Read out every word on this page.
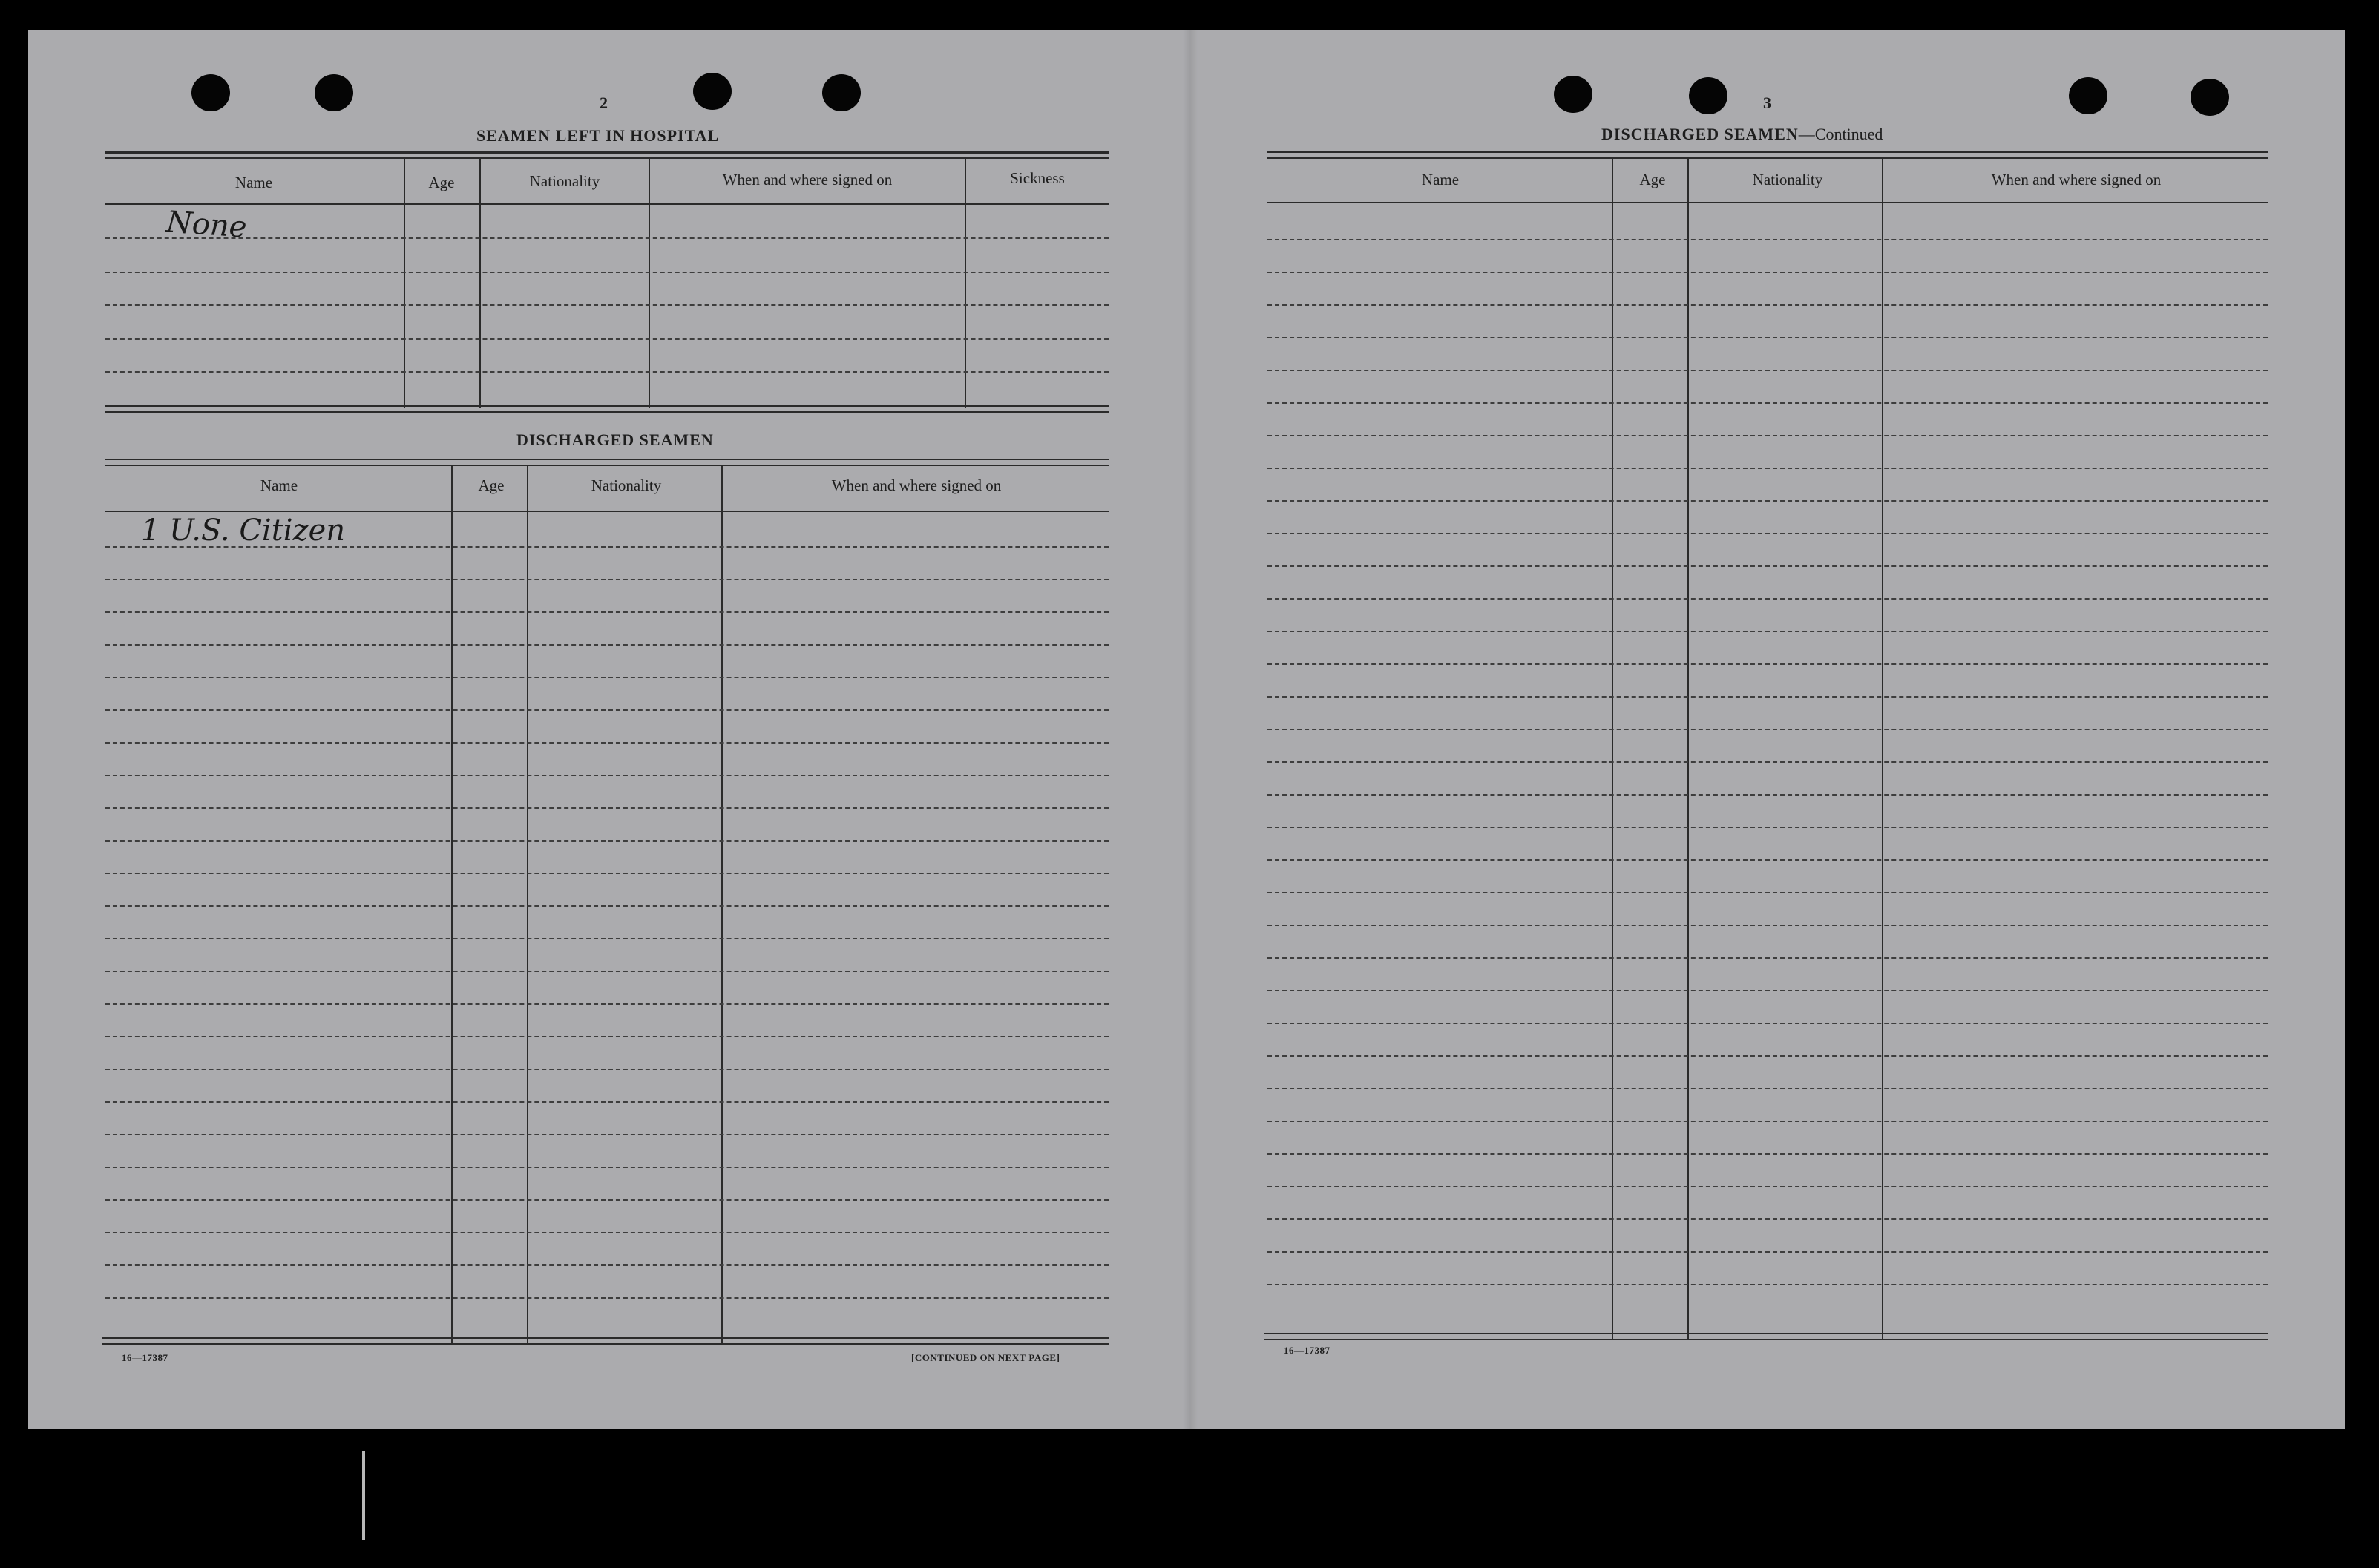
2
SEAMEN LEFT IN HOSPITAL
Name	Age	Nationality	When and where signed on	Sickness
None
DISCHARGED SEAMEN
Name	Age	Nationality	When and where signed on
1 U.S. Citizen
16—17387	[CONTINUED ON NEXT PAGE]
3
DISCHARGED SEAMEN—Continued
Name	Age	Nationality	When and where signed on
16—17387
